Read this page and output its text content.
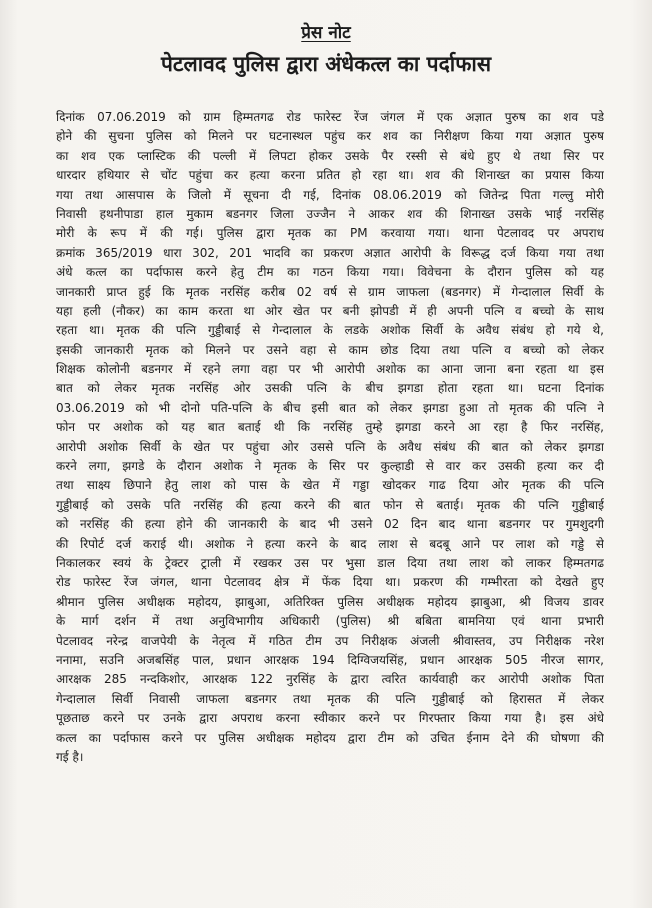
प्रेस नोट
पेटलावद पुलिस द्वारा अंधेकत्ल का पर्दाफास
दिनांक 07.06.2019 को ग्राम हिम्मतगढ रोड फारेस्ट रेंज जंगल में एक अज्ञात पुरुष का शव पडे
होने की सुचना पुलिस को मिलने पर घटनास्थल पहुंच कर शव का निरीक्षण किया गया अज्ञात पुरुष
का शव एक प्लास्टिक की पल्ली में लिपटा होकर उसके पैर रस्सी से बंधे हुए थे तथा सिर पर
धारदार हथियार से चोंट पहुंचा कर हत्या करना प्रतित हो रहा था। शव की शिनाख्त का प्रयास किया
गया तथा आसपास के जिलो में सूचना दी गई, दिनांक 08.06.2019 को जितेन्द्र पिता गल्लु मोरी
निवासी हथनीपाडा हाल मुकाम बडनगर जिला उज्जैन ने आकर शव की शिनाख्त उसके भाई नरसिंह
मोरी के रूप में की गई। पुलिस द्वारा मृतक का PM करवाया गया। थाना पेटलावद पर अपराध
क्रमांक 365/2019 धारा 302, 201 भादवि का प्रकरण अज्ञात आरोपी के विरूद्ध दर्ज किया गया तथा
अंधे कत्ल का पर्दाफास करने हेतु टीम का गठन किया गया। विवेचना के दौरान पुलिस को यह
जानकारी प्राप्त हुई कि मृतक नरसिंह करीब 02 वर्ष से ग्राम जाफला (बडनगर) में गेन्दालाल सिर्वी के
यहा हली (नौकर) का काम करता था ओर खेत पर बनी झोपडी में ही अपनी पत्नि व बच्चो के साथ
रहता था। मृतक की पत्नि गुड्डीबाई से गेन्दालाल के लडके अशोक सिर्वी के अवैध संबंध हो गये थे,
इसकी जानकारी मृतक को मिलने पर उसने वहा से काम छोड दिया तथा पत्नि व बच्चो को लेकर
शिक्षक कोलोनी बडनगर में रहने लगा वहा पर भी आरोपी अशोक का आना जाना बना रहता था इस
बात को लेकर मृतक नरसिंह ओर उसकी पत्नि के बीच झगडा होता रहता था। घटना दिनांक
03.06.2019 को भी दोनो पति-पत्नि के बीच इसी बात को लेकर झगडा हुआ तो मृतक की पत्नि ने
फोन पर अशोक को यह बात बताई थी कि नरसिंह तुम्हे झगडा करने आ रहा है फिर नरसिंह,
आरोपी अशोक सिर्वी के खेत पर पहुंचा ओर उससे पत्नि के अवैध संबंध की बात को लेकर झगडा
करने लगा, झगडे के दौरान अशोक ने मृतक के सिर पर कुल्हाडी से वार कर उसकी हत्या कर दी
तथा साक्ष्य छिपाने हेतु लाश को पास के खेत में गड्डा खोदकर गाढ दिया ओर मृतक की पत्नि
गुड्डीबाई को उसके पति नरसिंह की हत्या करने की बात फोन से बताई। मृतक की पत्नि गुड्डीबाई
को नरसिंह की हत्या होने की जानकारी के बाद भी उसने 02 दिन बाद थाना बडनगर पर गुमशुदगी
की रिपोर्ट दर्ज कराई थी। अशोक ने हत्या करने के बाद लाश से बदबू आने पर लाश को गड्डे से
निकालकर स्वयं के ट्रेक्टर ट्राली में रखकर उस पर भुसा डाल दिया तथा लाश को लाकर हिम्मतगढ
रोड फारेस्ट रेंज जंगल, थाना पेटलावद क्षेत्र में फेंक दिया था। प्रकरण की गम्भीरता को देखते हुए
श्रीमान पुलिस अधीक्षक महोदय, झाबुआ, अतिरिक्त पुलिस अधीक्षक महोदय झाबुआ, श्री विजय डावर
के मार्ग दर्शन में तथा अनुविभागीय अधिकारी (पुलिस) श्री बबिता बामनिया एवं थाना प्रभारी
पेटलावद नरेन्द्र वाजपेयी के नेतृत्व में गठित टीम उप निरीक्षक अंजली श्रीवास्तव, उप निरीक्षक नरेश
ननामा, सउनि अजबसिंह पाल, प्रधान आरक्षक 194 दिग्विजयसिंह, प्रधान आरक्षक 505 नीरज सागर,
आरक्षक 285 नन्दकिशोर, आरक्षक 122 नुरसिंह के द्वारा त्वरित कार्यवाही कर आरोपी अशोक पिता
गेन्दालाल सिर्वी निवासी जाफला बडनगर तथा मृतक की पत्नि गुड्डीबाई को हिरासत में लेकर
पूछताछ करने पर उनके द्वारा अपराध करना स्वीकार करने पर गिरफ्तार किया गया है। इस अंधे
कत्ल का पर्दाफास करने पर पुलिस अधीक्षक महोदय द्वारा टीम को उचित ईनाम देने की घोषणा की
गई है।
